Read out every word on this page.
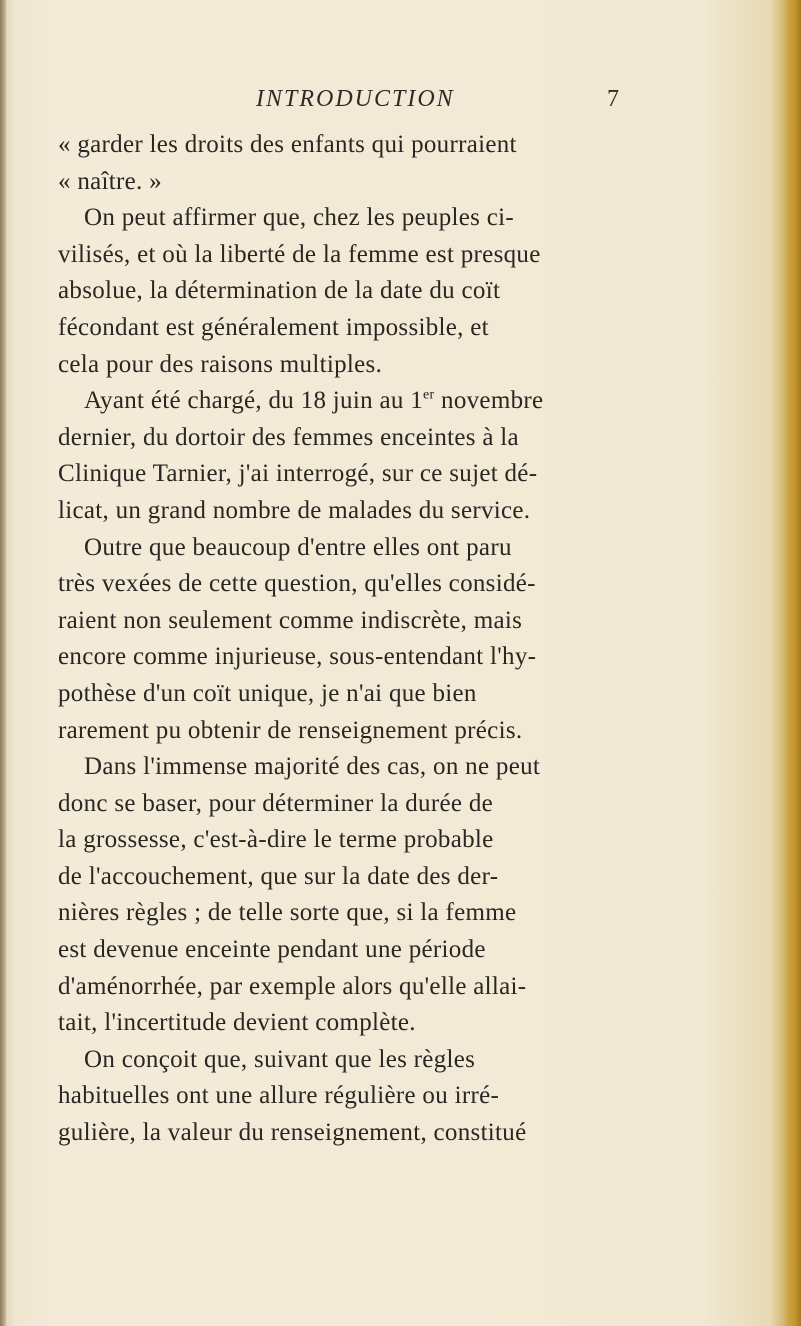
INTRODUCTION	7
« garder les droits des enfants qui pourraient
« naître. »
On peut affirmer que, chez les peuples ci-
vilisés, et où la liberté de la femme est presque
absolue, la détermination de la date du coït
fécondant est généralement impossible, et
cela pour des raisons multiples.
Ayant été chargé, du 18 juin au 1er novembre
dernier, du dortoir des femmes enceintes à la
Clinique Tarnier, j'ai interrogé, sur ce sujet dé-
licat, un grand nombre de malades du service.
Outre que beaucoup d'entre elles ont paru
très vexées de cette question, qu'elles considé-
raient non seulement comme indiscrète, mais
encore comme injurieuse, sous-entendant l'hy-
pothèse d'un coït unique, je n'ai que bien
rarement pu obtenir de renseignement précis.
Dans l'immense majorité des cas, on ne peut
donc se baser, pour déterminer la durée de
la grossesse, c'est-à-dire le terme probable
de l'accouchement, que sur la date des der-
nières règles ; de telle sorte que, si la femme
est devenue enceinte pendant une période
d'aménorrhée, par exemple alors qu'elle allai-
tait, l'incertitude devient complète.
On conçoit que, suivant que les règles
habituelles ont une allure régulière ou irré-
gulière, la valeur du renseignement, constitué
